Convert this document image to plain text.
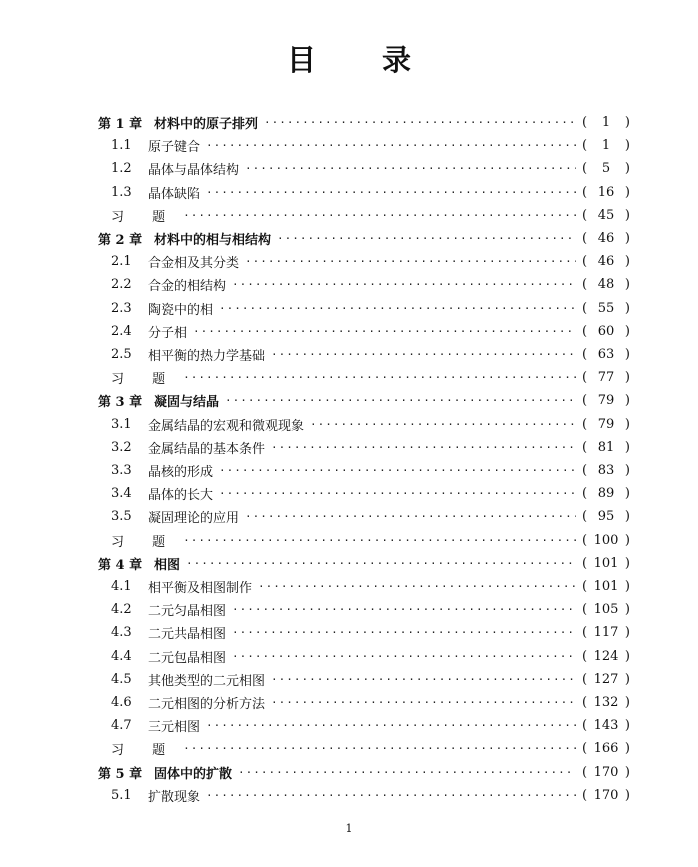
目 录
第 1 章 材料中的原子排列 ·····	(	1	)
1.1	原子键合 ·····	(	1	)
1.2	晶体与晶体结构 ·····	(	5	)
1.3	晶体缺陷 ·····	( 16 )
习 题 ·····	( 45 )
第 2 章 材料中的相与相结构 ·····	( 46 )
2.1	合金相及其分类 ·····	( 46 )
2.2	合金的相结构 ·····	( 48 )
2.3	陶瓷中的相 ·····	( 55 )
2.4	分子相 ·····	( 60 )
2.5	相平衡的热力学基础 ·····	( 63 )
习 题 ·····	( 77 )
第 3 章 凝固与结晶 ·····	( 79 )
3.1	金属结晶的宏观和微观现象 ·····	( 79 )
3.2	金属结晶的基本条件 ·····	( 81 )
3.3	晶核的形成 ·····	( 83 )
3.4	晶体的长大 ·····	( 89 )
3.5	凝固理论的应用 ·····	( 95 )
习 题 ·····	( 100 )
第 4 章 相图 ·····	( 101 )
4.1	相平衡及相图制作 ·····	( 101 )
4.2	二元匀晶相图 ·····	( 105 )
4.3	二元共晶相图 ·····	( 117 )
4.4	二元包晶相图 ·····	( 124 )
4.5	其他类型的二元相图 ·····	( 127 )
4.6	二元相图的分析方法 ·····	( 132 )
4.7	三元相图 ·····	( 143 )
习 题 ·····	( 166 )
第 5 章 固体中的扩散 ·····	( 170 )
5.1	扩散现象 ·····	( 170 )
1
